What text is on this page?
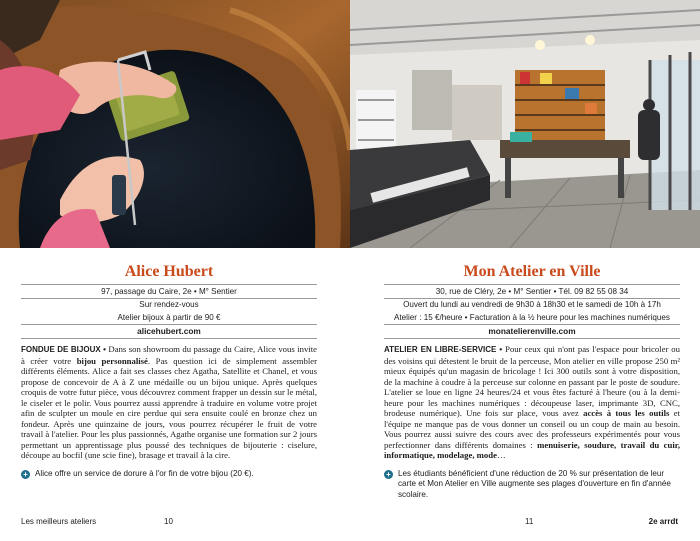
Alice Hubert
97, passage du Caire, 2e • M° Sentier
Sur rendez-vous
Atelier bijoux à partir de 90 €
alicehubert.com

FONDUE DE BIJOUX • Dans son showroom du passage du Caire, Alice vous invite à créer votre bijou personnalisé. Pas question ici de simplement assembler différents éléments. Alice a fait ses classes chez Agatha, Satellite et Chanel, et vous propose de concevoir de A à Z une médaille ou un bijou unique. Après quelques croquis de votre futur pièce, vous découvrez comment frapper un dessin sur le métal, le ciseler et le polir. Vous pourrez aussi apprendre à traduire en volume votre projet afin de sculpter un moule en cire perdue qui sera ensuite coulé en bronze chez un fondeur. Après une quinzaine de jours, vous pourrez récupérer le fruit de votre travail à l'atelier. Pour les plus passionnés, Agathe organise une formation sur 2 jours permettant un apprentissage plus poussé des techniques de bijouterie : ciselure, découpe au bocfil (une scie fine), brasage et travail à la cire.

+ Alice offre un service de dorure à l'or fin de votre bijou (20 €).
Les meilleurs ateliers	10
Mon Atelier en Ville
30, rue de Cléry, 2e • M° Sentier • Tél. 09 82 55 08 34
Ouvert du lundi au vendredi de 9h30 à 18h30 et le samedi de 10h à 17h
Atelier : 15 €/heure • Facturation à la ½ heure pour les machines numériques
monatelierenville.com

ATELIER EN LIBRE-SERVICE • Pour ceux qui n'ont pas l'espace pour bricoler ou des voisins qui détestent le bruit de la perceuse, Mon atelier en ville propose 250 m² mieux équipés qu'un magasin de bricolage ! Ici 300 outils sont à votre disposition, de la machine à coudre à la perceuse sur colonne en passant par le poste de soudure. L'atelier se loue en ligne 24 heures/24 et vous êtes facturé à l'heure (ou à la demi-heure pour les machines numériques : découpeuse laser, imprimante 3D, CNC, brodeuse numérique). Une fois sur place, vous avez accès à tous les outils et l'équipe ne manque pas de vous donner un conseil ou un coup de main au besoin. Vous pourrez aussi suivre des cours avec des professeurs expérimentés pour vous perfectionner dans différents domaines : menuiserie, soudure, travail du cuir, informatique, modelage, mode…

+ Les étudiants bénéficient d'une réduction de 20 % sur présentation de leur carte et Mon Atelier en Ville augmente ses plages d'ouverture en fin d'année scolaire.
11	2e arrdt
